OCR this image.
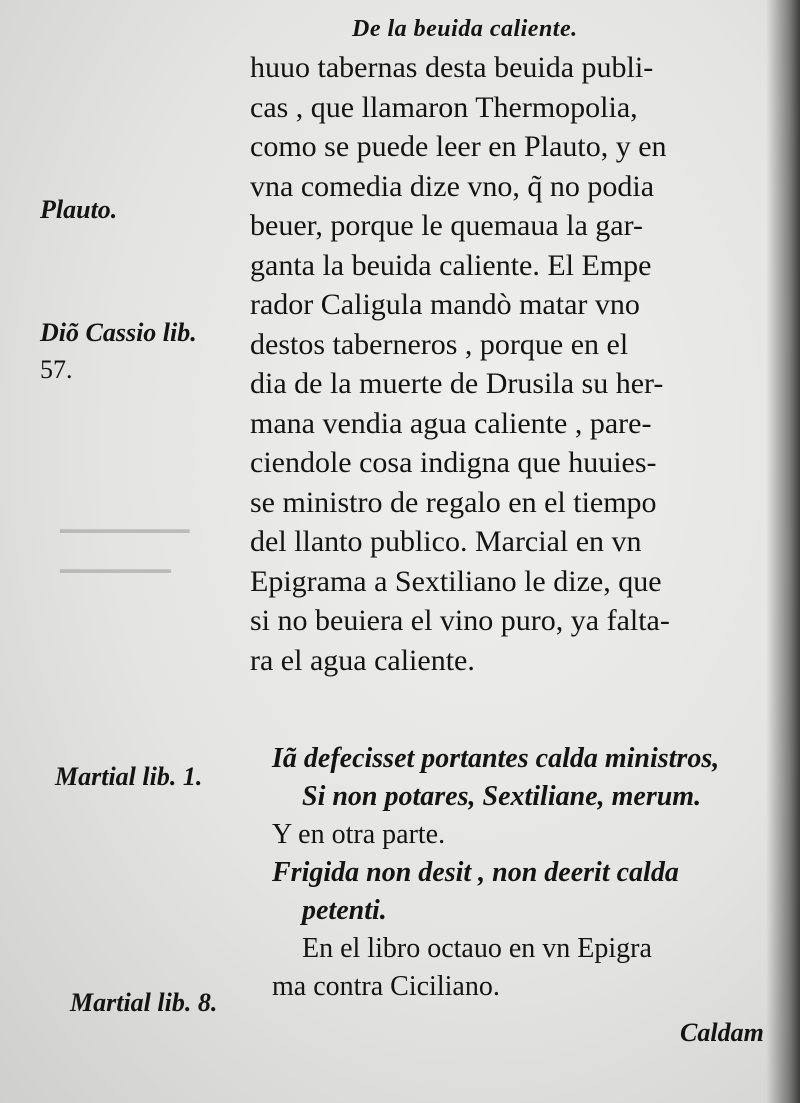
▁▁▁▁▁▁▁
▁▁▁▁▁▁
De la beuida caliente.
huuo tabernas desta beuida publi-
cas , que llamaron Thermopolia,
como se puede leer en Plauto, y en
vna comedia dize vno, q̃ no podia
beuer, porque le quemaua la gar-
ganta la beuida caliente. El Empe
rador Caligula mandò matar vno
destos taberneros , porque en el
dia de la muerte de Drusila su her-
mana vendia agua caliente , pare-
ciendole cosa indigna que huuies-
se ministro de regalo en el tiempo
del llanto publico. Marcial en vn
Epigrama a Sextiliano le dize, que
si no beuiera el vino puro, ya falta-
ra el agua caliente.
Plauto.
Diõ Cassio lib.
57.
Martial lib. 1.
Martial lib. 8.
Iã defecisset portantes calda ministros,
Si non potares, Sextiliane, merum.
Y en otra parte.
Frigida non desit , non deerit calda
petenti.
En el libro octauo en vn Epigra
ma contra Ciciliano.
Caldam
